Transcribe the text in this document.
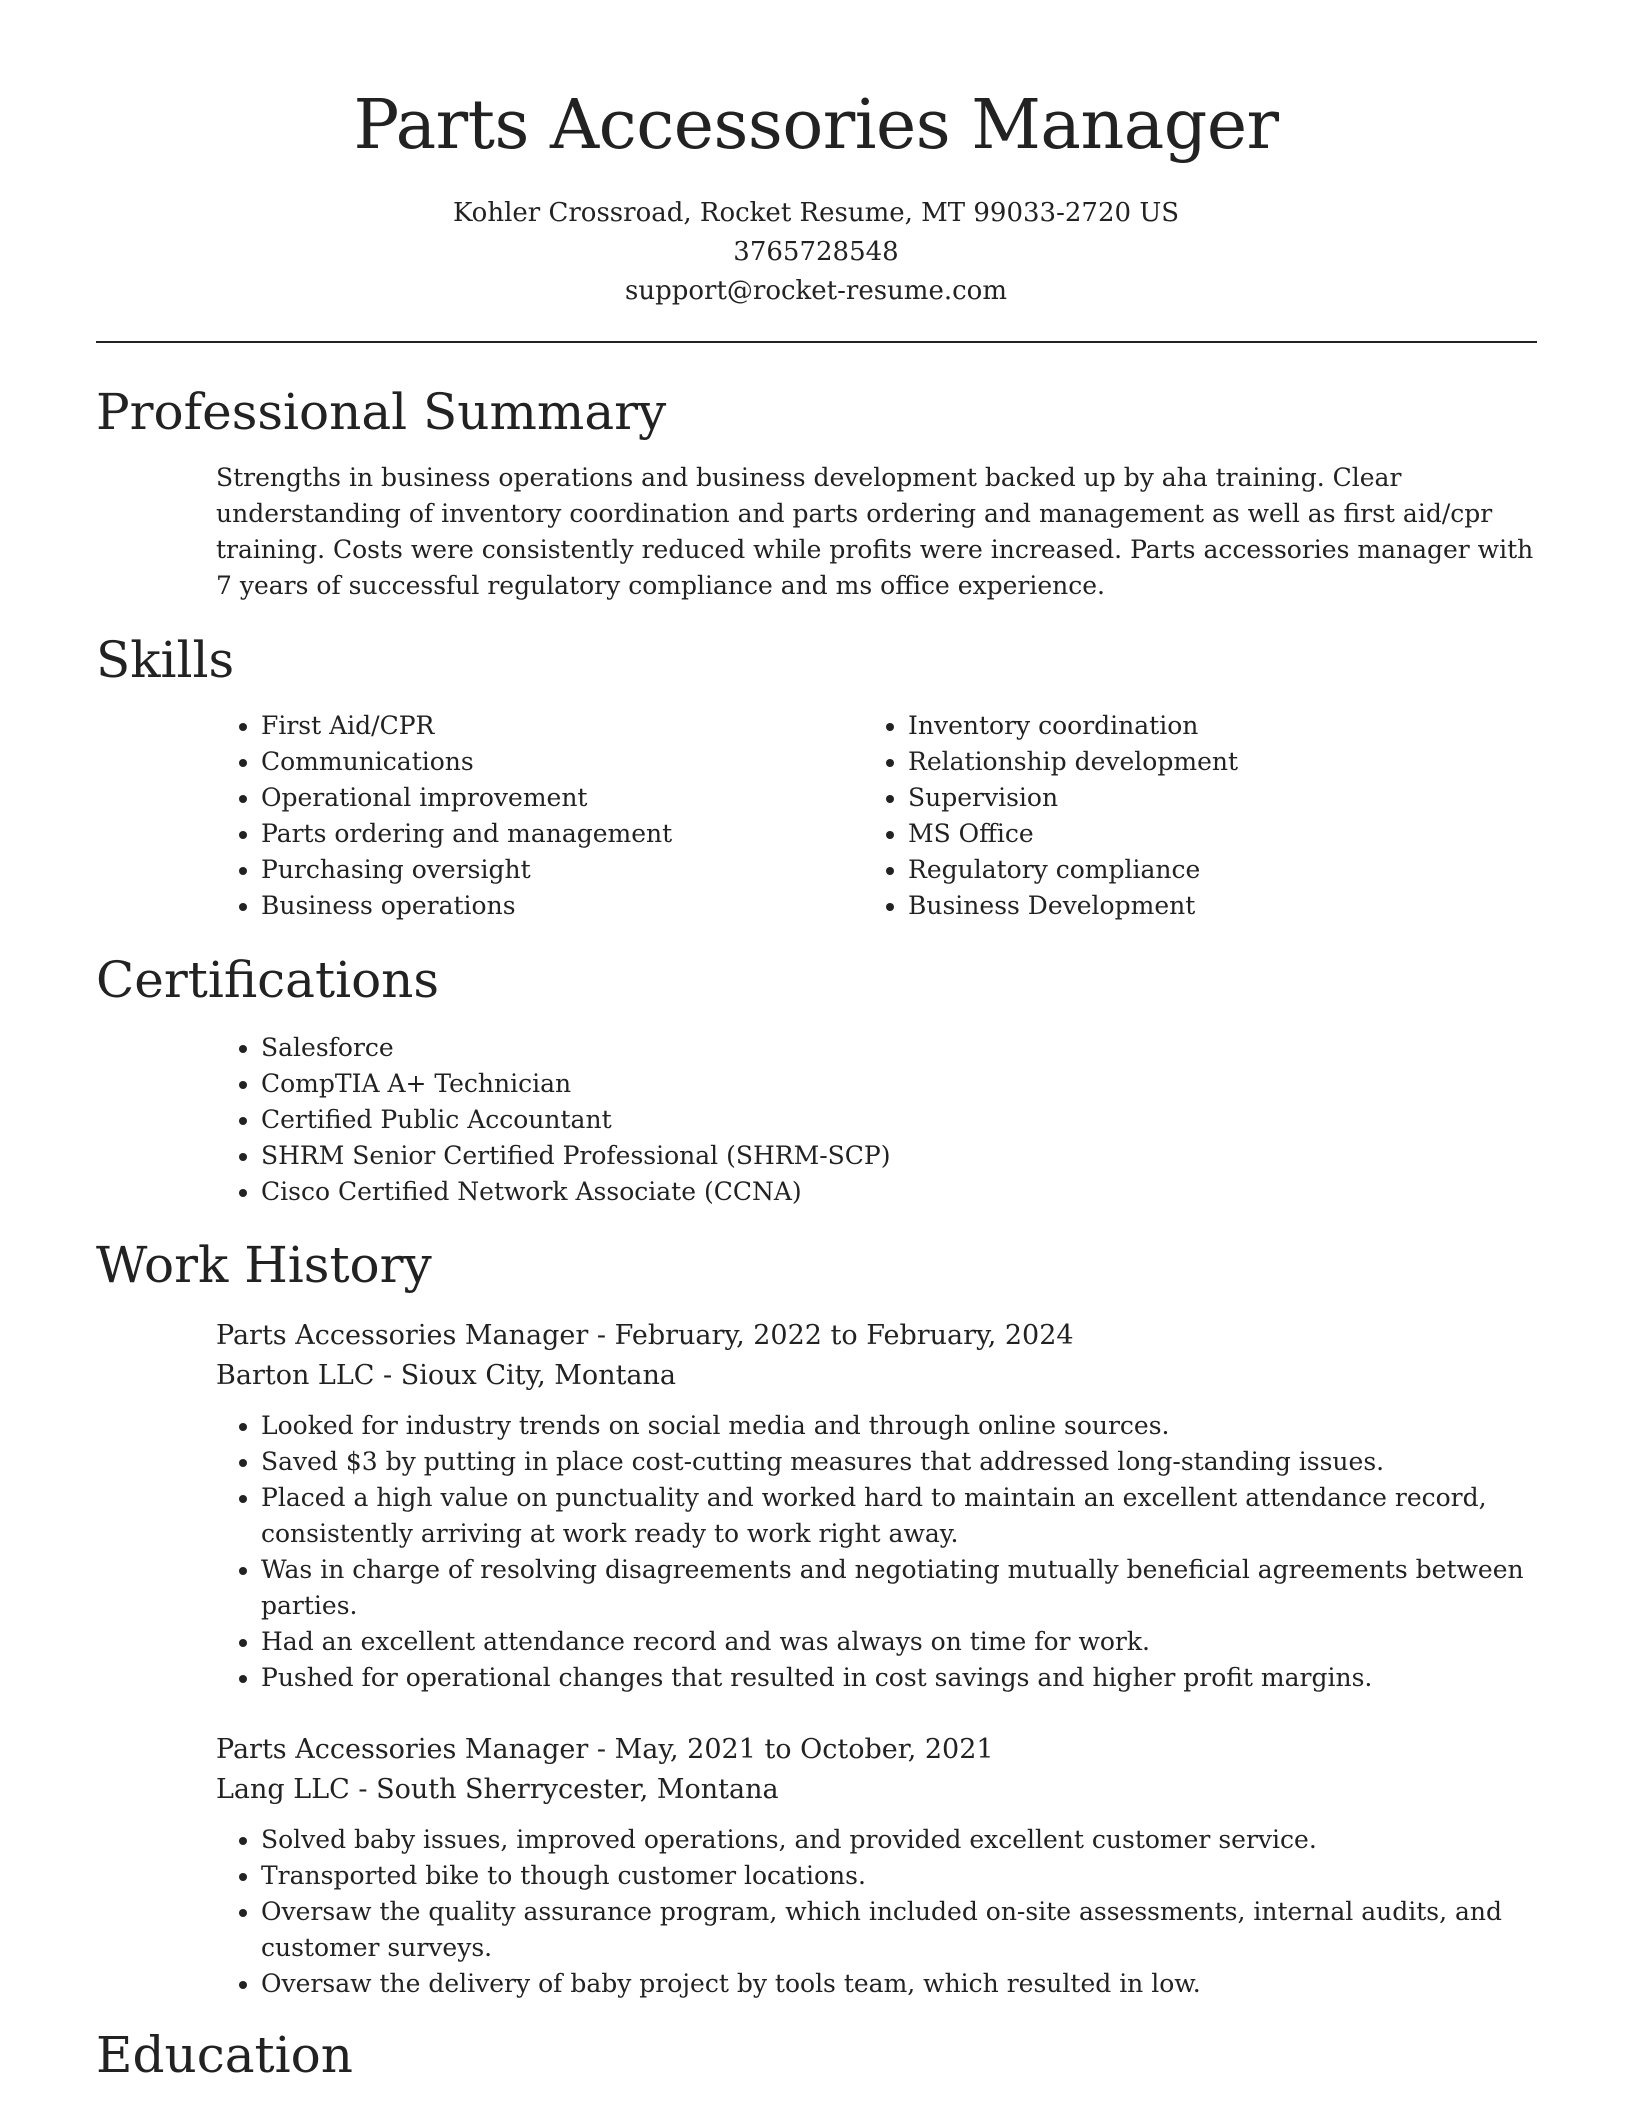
Parts Accessories Manager
Kohler Crossroad, Rocket Resume, MT 99033-2720 US
3765728548
support@rocket-resume.com
Professional Summary

Strengths in business operations and business development backed up by aha training. Clear understanding of inventory coordination and parts ordering and management as well as first aid/cpr training. Costs were consistently reduced while profits were increased. Parts accessories manager with 7 years of successful regulatory compliance and ms office experience.

Skills
• First Aid/CPR
• Communications
• Operational improvement
• Parts ordering and management
• Purchasing oversight
• Business operations
• Inventory coordination
• Relationship development
• Supervision
• MS Office
• Regulatory compliance
• Business Development
Certifications
• Salesforce
• CompTIA A+ Technician
• Certified Public Accountant
• SHRM Senior Certified Professional (SHRM-SCP)
• Cisco Certified Network Associate (CCNA)
Work History
Parts Accessories Manager - February, 2022 to February, 2024
Barton LLC - Sioux City, Montana
• Looked for industry trends on social media and through online sources.
• Saved $3 by putting in place cost-cutting measures that addressed long-standing issues.
• Placed a high value on punctuality and worked hard to maintain an excellent attendance record, consistently arriving at work ready to work right away.
• Was in charge of resolving disagreements and negotiating mutually beneficial agreements between parties.
• Had an excellent attendance record and was always on time for work.
• Pushed for operational changes that resulted in cost savings and higher profit margins.
Parts Accessories Manager - May, 2021 to October, 2021
Lang LLC - South Sherrycester, Montana
• Solved baby issues, improved operations, and provided excellent customer service.
• Transported bike to though customer locations.
• Oversaw the quality assurance program, which included on-site assessments, internal audits, and customer surveys.
• Oversaw the delivery of baby project by tools team, which resulted in low.
Education
